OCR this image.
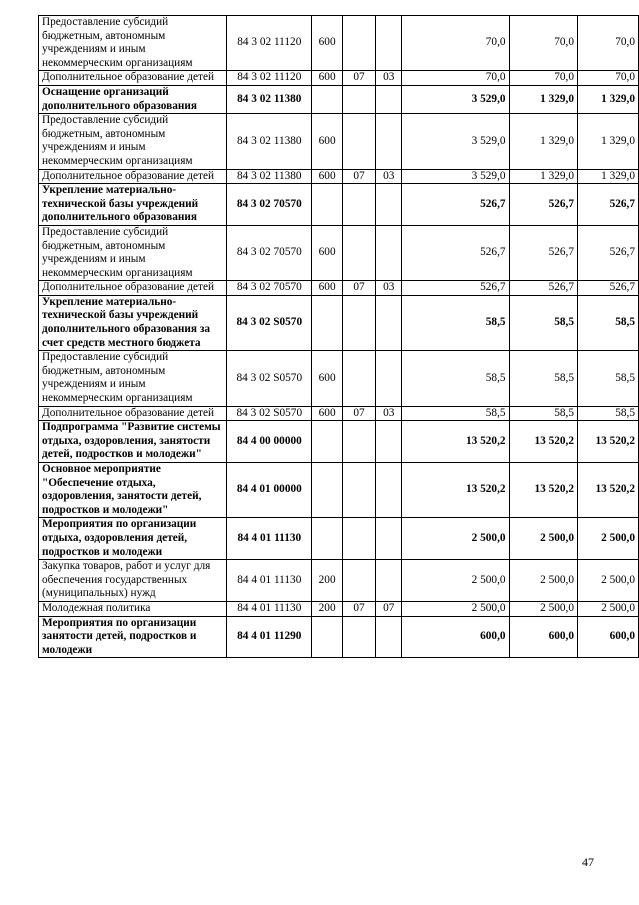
Предоставление субсидий бюджетным, автономным учреждениям и иным некоммерческим организациям	84 3 02 11120	600			70,0	70,0	70,0
Дополнительное образование детей	84 3 02 11120	600	07	03	70,0	70,0	70,0
Оснащение организаций дополнительного образования	84 3 02 11380				3 529,0	1 329,0	1 329,0
Предоставление субсидий бюджетным, автономным учреждениям и иным некоммерческим организациям	84 3 02 11380	600			3 529,0	1 329,0	1 329,0
Дополнительное образование детей	84 3 02 11380	600	07	03	3 529,0	1 329,0	1 329,0
Укрепление материально-технической базы учреждений дополнительного образования	84 3 02 70570				526,7	526,7	526,7
Предоставление субсидий бюджетным, автономным учреждениям и иным некоммерческим организациям	84 3 02 70570	600			526,7	526,7	526,7
Дополнительное образование детей	84 3 02 70570	600	07	03	526,7	526,7	526,7
Укрепление материально-технической базы учреждений дополнительного образования за счет средств местного бюджета	84 3 02 S0570				58,5	58,5	58,5
Предоставление субсидий бюджетным, автономным учреждениям и иным некоммерческим организациям	84 3 02 S0570	600			58,5	58,5	58,5
Дополнительное образование детей	84 3 02 S0570	600	07	03	58,5	58,5	58,5
Подпрограмма "Развитие системы отдыха, оздоровления, занятости детей, подростков и молодежи"	84 4 00 00000				13 520,2	13 520,2	13 520,2
Основное мероприятие "Обеспечение отдыха, оздоровления, занятости детей, подростков и молодежи"	84 4 01 00000				13 520,2	13 520,2	13 520,2
Мероприятия по организации отдыха, оздоровления детей, подростков и молодежи	84 4 01 11130				2 500,0	2 500,0	2 500,0
Закупка товаров, работ и услуг для обеспечения государственных (муниципальных) нужд	84 4 01 11130	200			2 500,0	2 500,0	2 500,0
Молодежная политика	84 4 01 11130	200	07	07	2 500,0	2 500,0	2 500,0
Мероприятия по организации занятости детей, подростков и молодежи	84 4 01 11290				600,0	600,0	600,0
47
